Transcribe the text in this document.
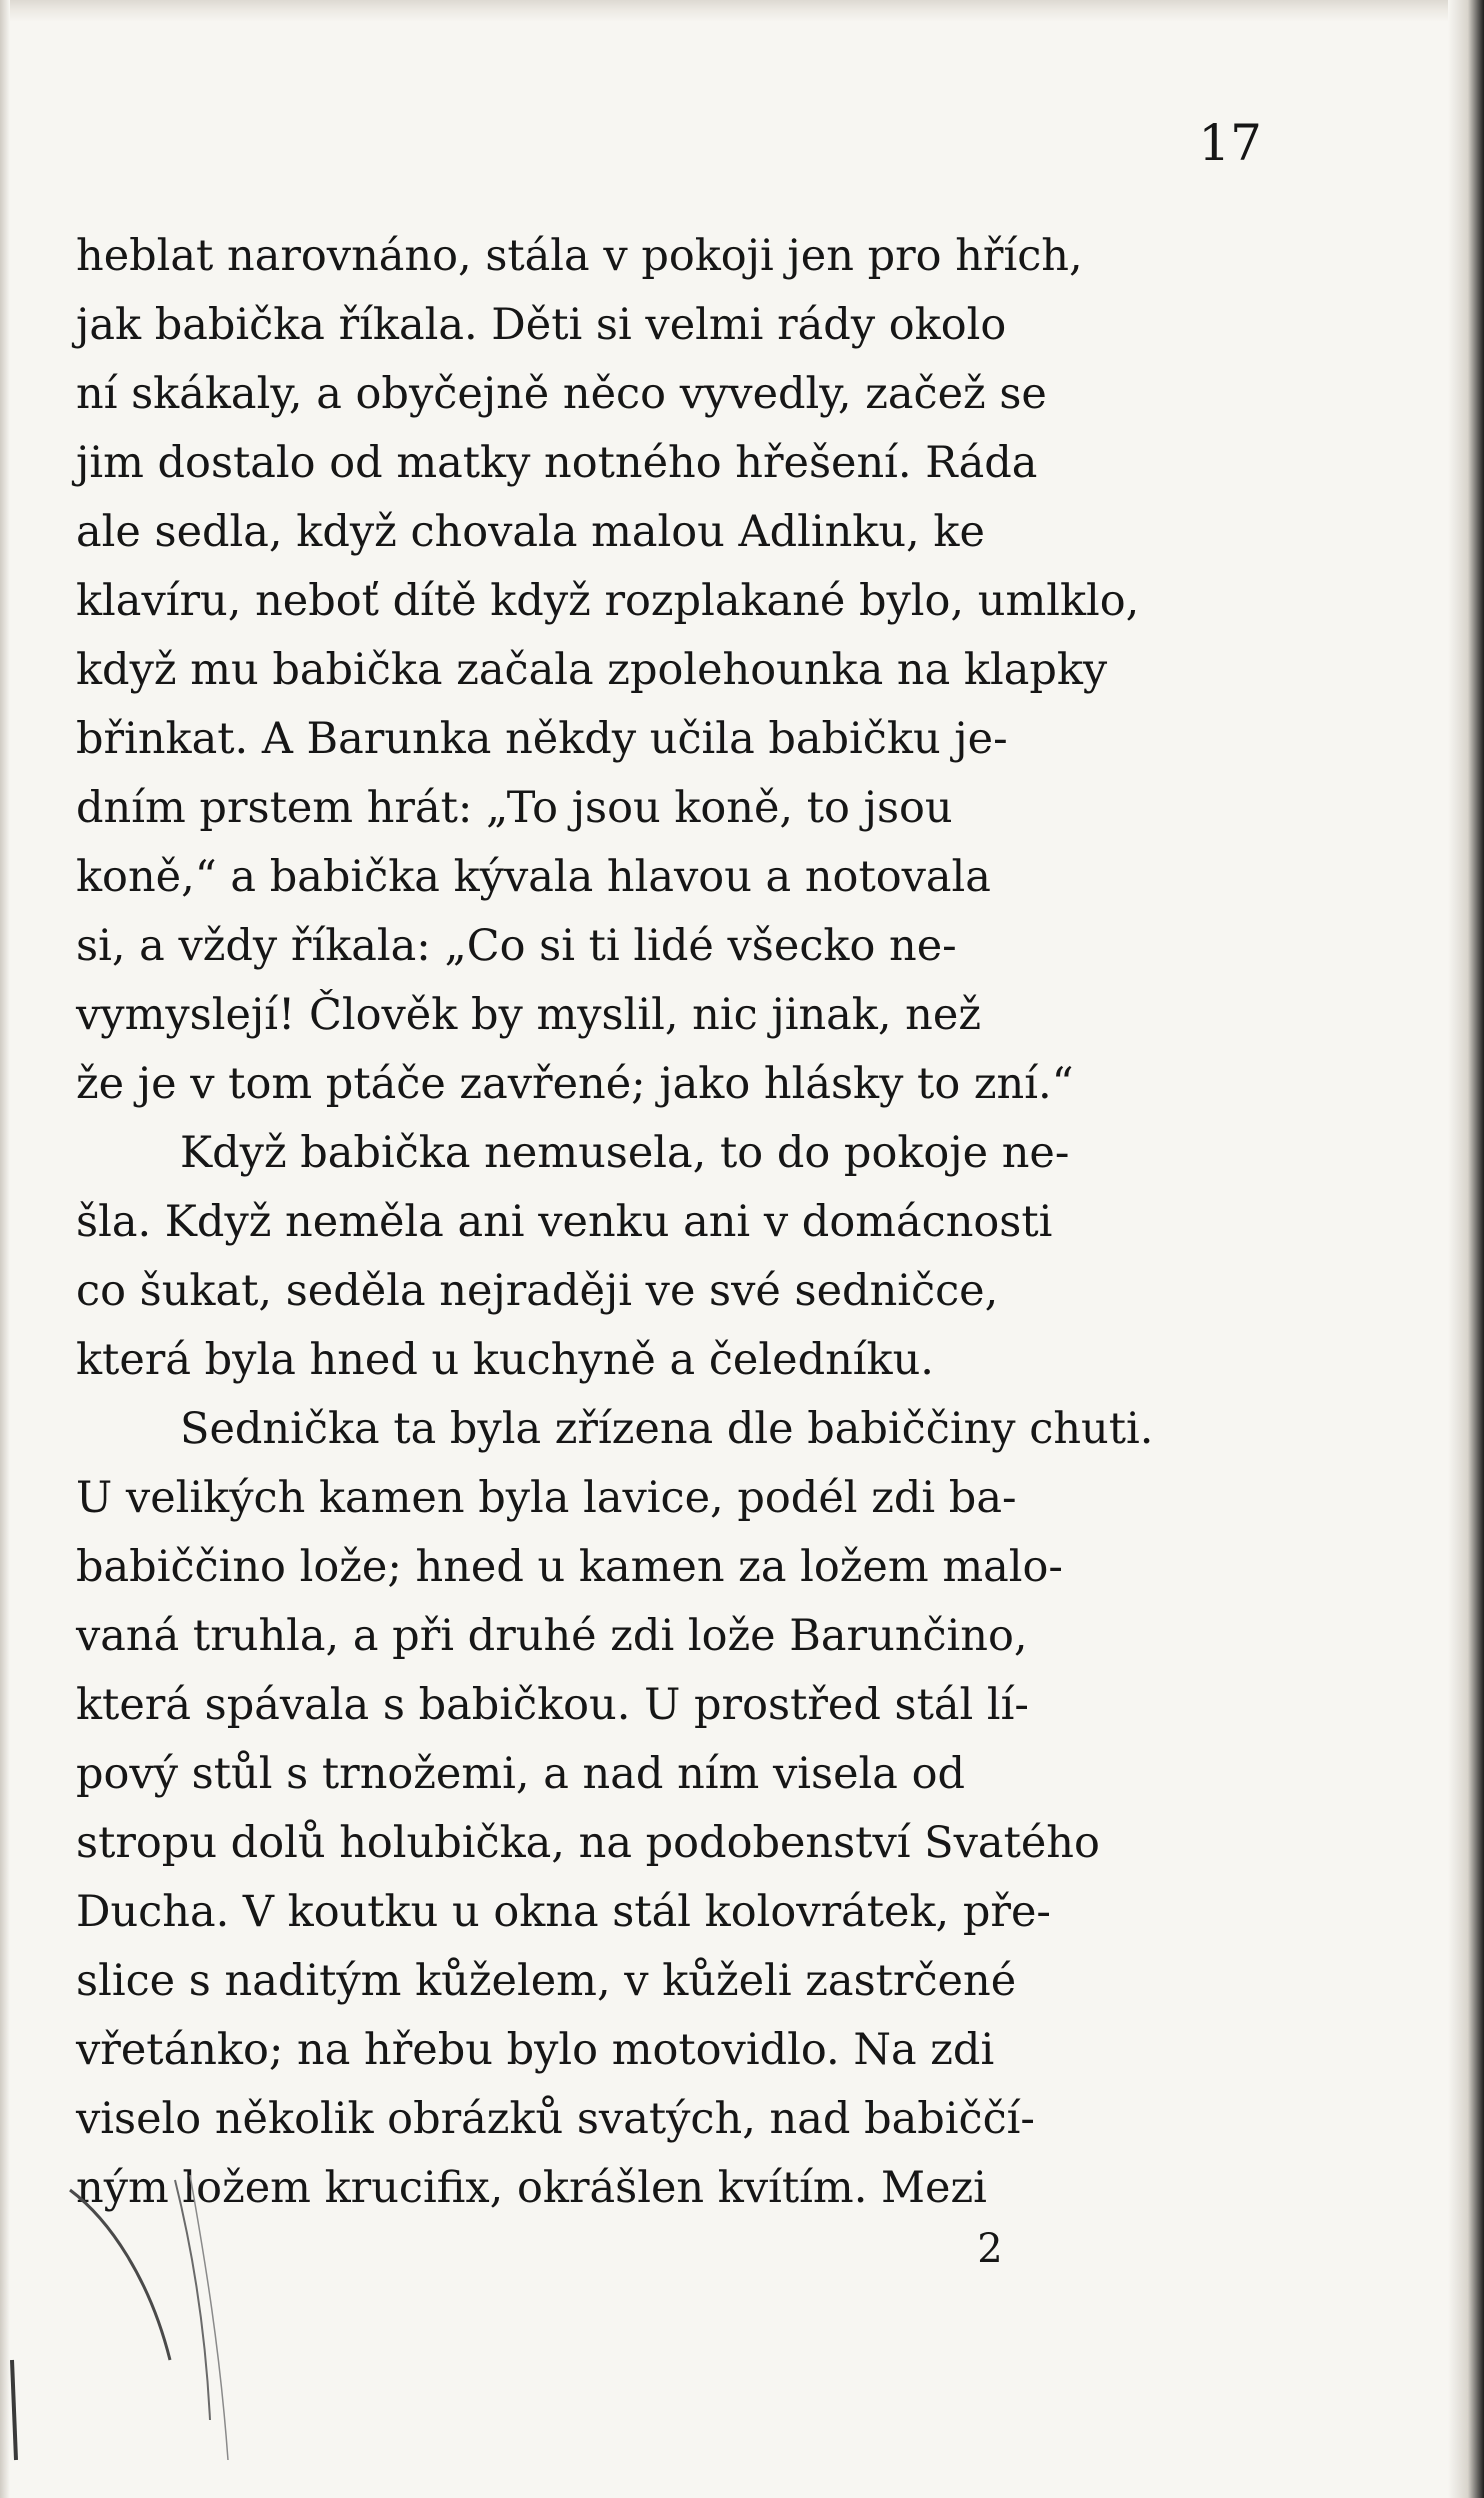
17
heblat narovnáno, stála v pokoji jen pro hřích,
jak babička říkala. Děti si velmi rády okolo
ní skákaly, a obyčejně něco vyvedly, začež se
jim dostalo od matky notného hřešení. Ráda
ale sedla, když chovala malou Adlinku, ke
klavíru, neboť dítě když rozplakané bylo, umlklo,
když mu babička začala zpolehounka na klapky
břinkat. A Barunka někdy učila babičku je-
dním prstem hrát: „To jsou koně, to jsou
koně,“ a babička kývala hlavou a notovala
si, a vždy říkala: „Co si ti lidé všecko ne-
vymyslejí! Člověk by myslil, nic jinak, než
že je v tom ptáče zavřené; jako hlásky to zní.“
Když babička nemusela, to do pokoje ne-
šla. Když neměla ani venku ani v domácnosti
co šukat, seděla nejraději ve své sedničce,
která byla hned u kuchyně a čeledníku.
Sednička ta byla zřízena dle babiččiny chuti.
U velikých kamen byla lavice, podél zdi ba-
babiččino lože; hned u kamen za ložem malo-
vaná truhla, a při druhé zdi lože Barunčino,
která spávala s babičkou. U prostřed stál lí-
pový stůl s trnožemi, a nad ním visela od
stropu dolů holubička, na podobenství Svatého
Ducha. V koutku u okna stál kolovrátek, pře-
slice s naditým kůželem, v kůželi zastrčené
vřetánko; na hřebu bylo motovidlo. Na zdi
viselo několik obrázků svatých, nad babiččí-
ným ložem krucifix, okrášlen kvítím. Mezi
2
